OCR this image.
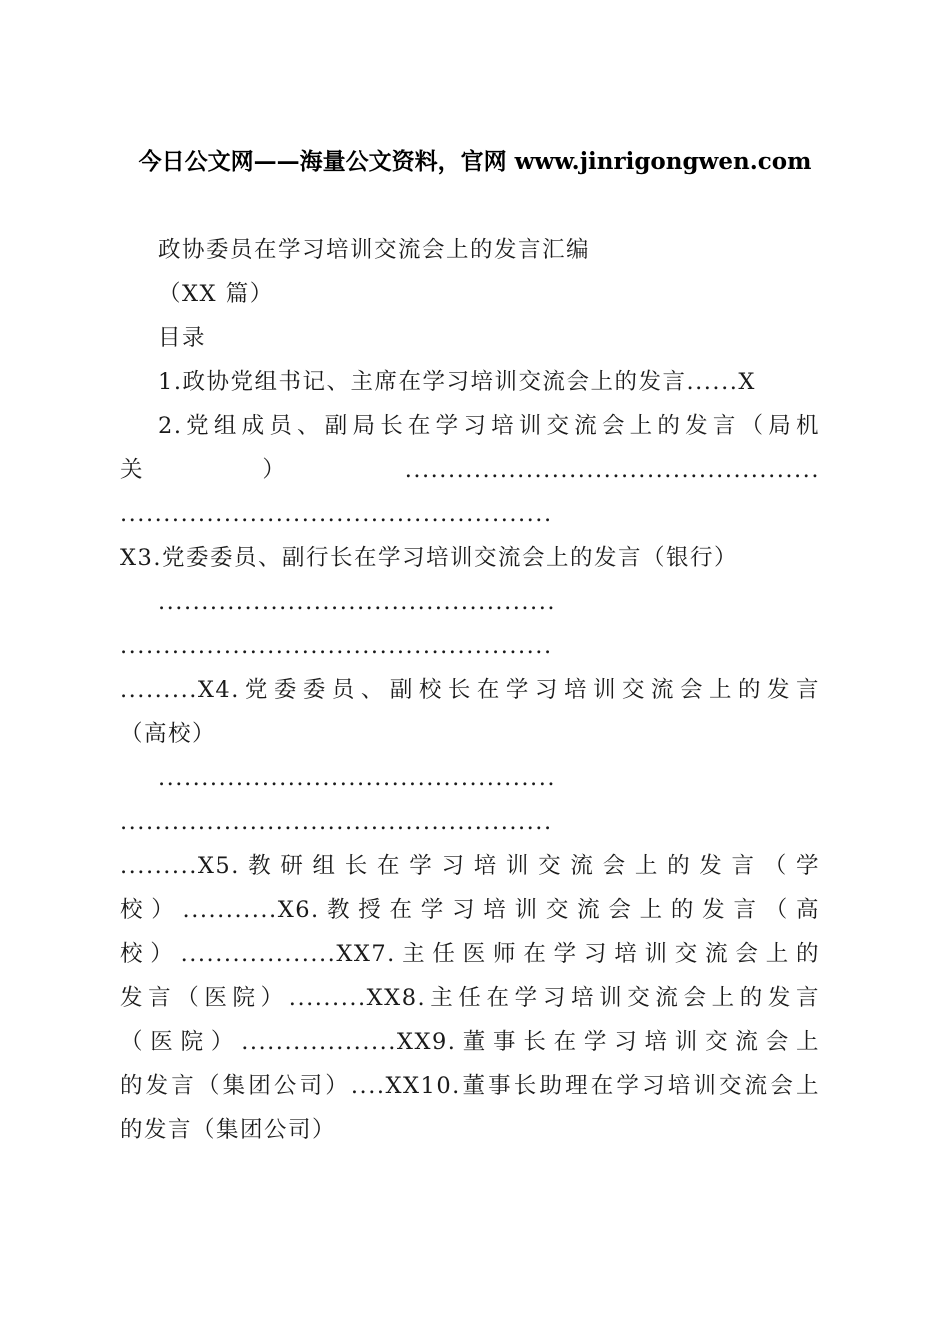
今日公文网——海量公文资料，官网 www.jinrigongwen.com
政协委员在学习培训交流会上的发言汇编
（XX 篇）
目录
1.政协党组书记、主席在学习培训交流会上的发言......X
2.党组成员、副局长在学习培训交流会上的发言（局机
关）................................................
..................................................
X3.党委委员、副行长在学习培训交流会上的发言（银行）
..............................................
..................................................
.........X4.党委委员、副校长在学习培训交流会上的发言
（高校）
..............................................
..................................................
.........X5.教研组长在学习培训交流会上的发言（学
校）...........X6.教授在学习培训交流会上的发言（高
校）..................XX7.主任医师在学习培训交流会上的
发言（医院）.........XX8.主任在学习培训交流会上的发言
（医院）..................XX9.董事长在学习培训交流会上
的发言（集团公司）....XX10.董事长助理在学习培训交流会上
的发言（集团公司）
